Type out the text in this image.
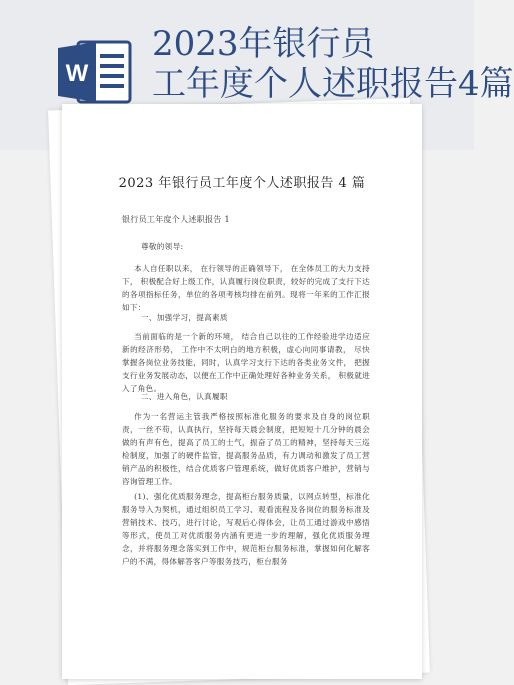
W
2023年银行员
工年度个人述职报告4篇
2023 年银行员工年度个人述职报告 4 篇
银行员工年度个人述职报告 1
尊敬的领导:
本人自任职以来， 在行领导的正确领导下， 在全体员工的大力支持下， 积极配合好上级工作，认真履行岗位职责，较好的完成了支行下达的各项指标任务，单位的各项考核均排在前列。现将一年来的工作汇报如下：
一、加强学习，提高素质
当前面临的是一个新的环境， 结合自己以往的工作经验进学边适应新的经济形势， 工作中不太明白的地方积极，虚心向同事请教， 尽快掌握各岗位业务技能，同时，认真学习支行下达的各类业务文件， 把握支行业务发展动态，以便在工作中正确处理好各种业务关系， 积极就进入了角色。
二、进入角色，认真履职
作为一名营运主管我严格按照标准化服务的要求及自身的岗位职责，一丝不苟，认真执行，坚持每天晨会制度，把短短十几分钟的晨会做的有声有色，提高了员工的士气，振奋了员工的精神，坚持每天三巡检制度，加强了的硬件监管，提高服务品质，有力调动和激发了员工营销产品的积极性，结合优质客户管理系统，做好优质客户维护，营销与咨询管理工作。
(1)、强化优质服务理念，提高柜台服务质量，以网点转型，标准化服务导入为契机，通过组织员工学习、观看流程及各岗位的服务标准及营销技术、技巧，进行讨论，写观后心得体会，让员工通过游戏中感悟等形式，使员工对优质服务内涵有更进一步的理解，强化优质服务理念，并将服务理念落实到工作中，规范柜台服务标准，掌握如何化解客户的不满，得体解答客户等服务技巧，柜台服务
